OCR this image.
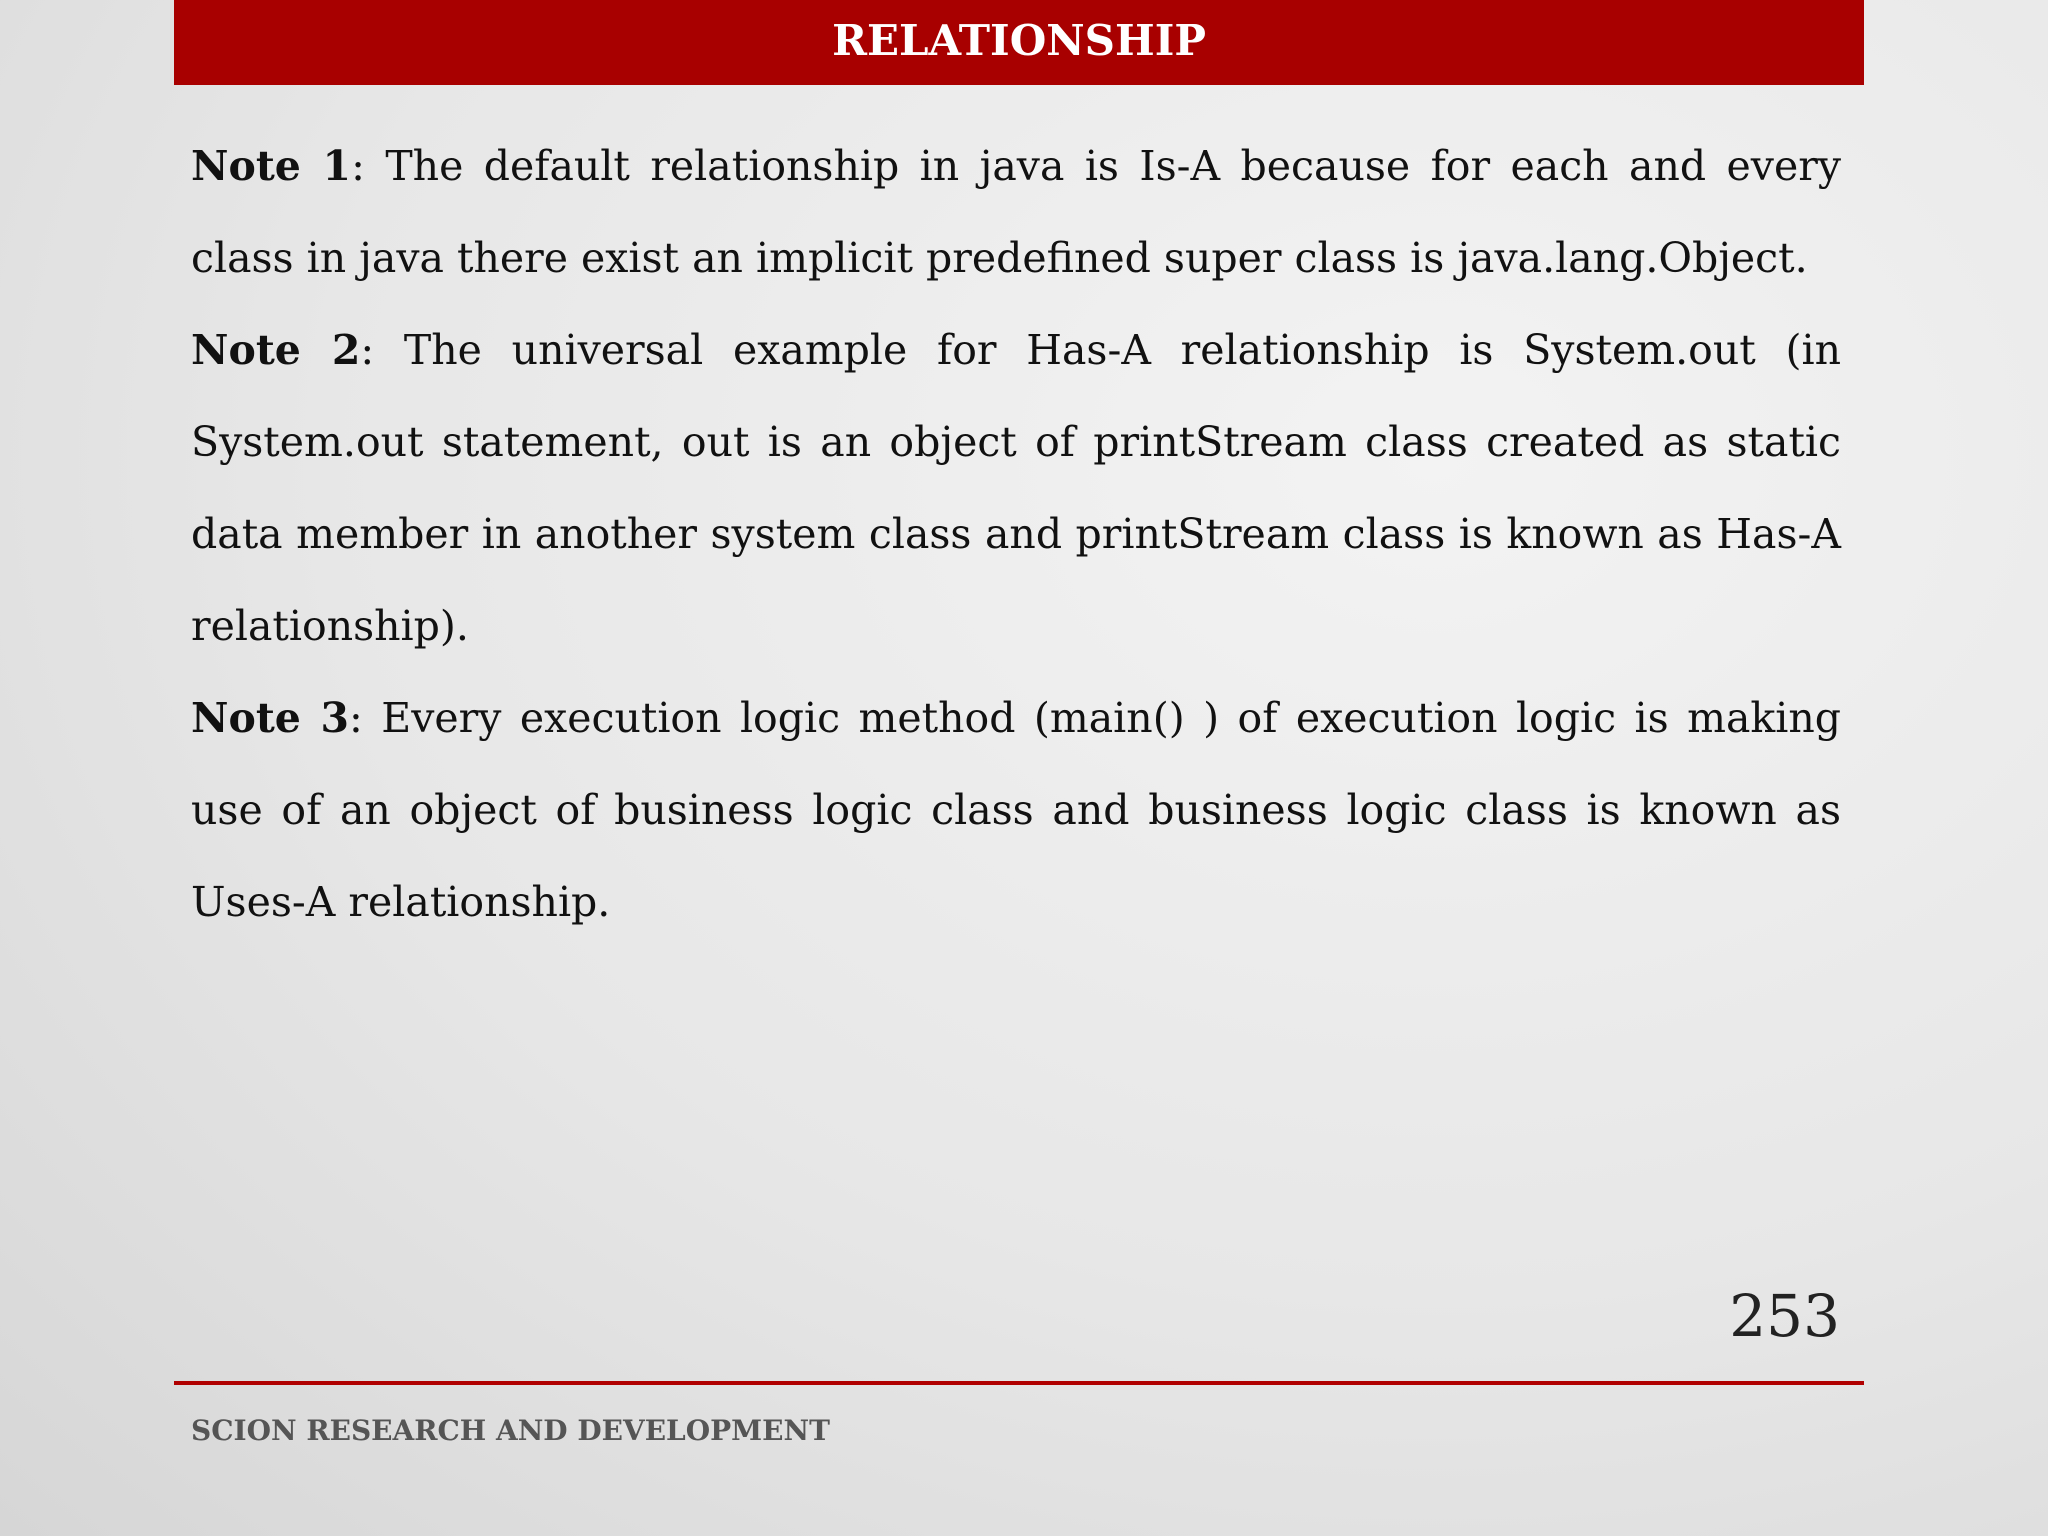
RELATIONSHIP

Note 1: The default relationship in java is Is-A because for each and every class in java there exist an implicit predefined super class is java.lang.Object.

Note 2: The universal example for Has-A relationship is System.out (in System.out statement, out is an object of printStream class created as static data member in another system class and printStream class is known as Has-A relationship).

Note 3: Every execution logic method (main() ) of execution logic is making use of an object of business logic class and business logic class is known as Uses-A relationship.

253
SCION RESEARCH AND DEVELOPMENT
